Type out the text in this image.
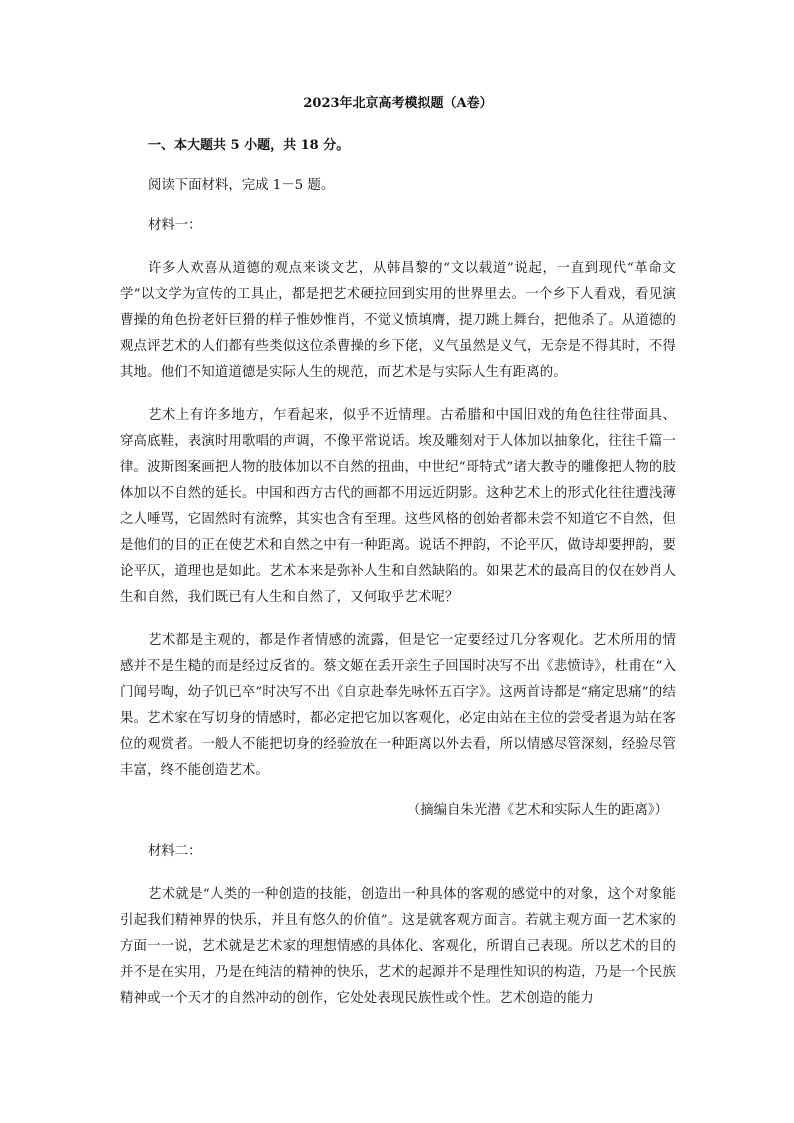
2023年北京高考模拟题（A卷）
一、本大题共 5 小题，共 18 分。
阅读下面材料，完成 1－5 题。
材料一：

许多人欢喜从道德的观点来谈文艺，从韩昌黎的“文以载道”说起，一直到现代“革命文学”以文学为宣传的工具止，都是把艺术硬拉回到实用的世界里去。一个乡下人看戏，看见演曹操的角色扮老奸巨猾的样子惟妙惟肖，不觉义愤填膺，提刀跳上舞台，把他杀了。从道德的观点评艺术的人们都有些类似这位杀曹操的乡下佬，义气虽然是义气，无奈是不得其时，不得其地。他们不知道道德是实际人生的规范，而艺术是与实际人生有距离的。

艺术上有许多地方，乍看起来，似乎不近情理。古希腊和中国旧戏的角色往往带面具、穿高底鞋，表演时用歌唱的声调，不像平常说话。埃及雕刻对于人体加以抽象化，往往千篇一律。波斯图案画把人物的肢体加以不自然的扭曲，中世纪“哥特式”诸大教寺的雕像把人物的肢体加以不自然的延长。中国和西方古代的画都不用远近阴影。这种艺术上的形式化往往遭浅薄之人唾骂，它固然时有流弊，其实也含有至理。这些风格的创始者都未尝不知道它不自然，但是他们的目的正在使艺术和自然之中有一种距离。说话不押韵，不论平仄，做诗却要押韵，要论平仄，道理也是如此。艺术本来是弥补人生和自然缺陷的。如果艺术的最高目的仅在妙肖人生和自然，我们既已有人生和自然了，又何取乎艺术呢？

艺术都是主观的，都是作者情感的流露，但是它一定要经过几分客观化。艺术所用的情感并不是生糙的而是经过反省的。蔡文姬在丢开亲生子回国时决写不出《悲愤诗》，杜甫在“入门闻号啕，幼子饥已卒”时决写不出《自京赴奉先咏怀五百字》。这两首诗都是“痛定思痛”的结果。艺术家在写切身的情感时，都必定把它加以客观化，必定由站在主位的尝受者退为站在客位的观赏者。一般人不能把切身的经验放在一种距离以外去看，所以情感尽管深刻，经验尽管丰富，终不能创造艺术。

（摘编自朱光潜《艺术和实际人生的距离》）
材料二：

艺术就是“人类的一种创造的技能，创造出一种具体的客观的感觉中的对象，这个对象能引起我们精神界的快乐，并且有悠久的价值”。这是就客观方面言。若就主观方面一艺术家的方面一一说，艺术就是艺术家的理想情感的具体化、客观化，所谓自己表现。所以艺术的目的并不是在实用，乃是在纯洁的精神的快乐，艺术的起源并不是理性知识的构造，乃是一个民族精神或一个天才的自然冲动的创作，它处处表现民族性或个性。艺术创造的能力
